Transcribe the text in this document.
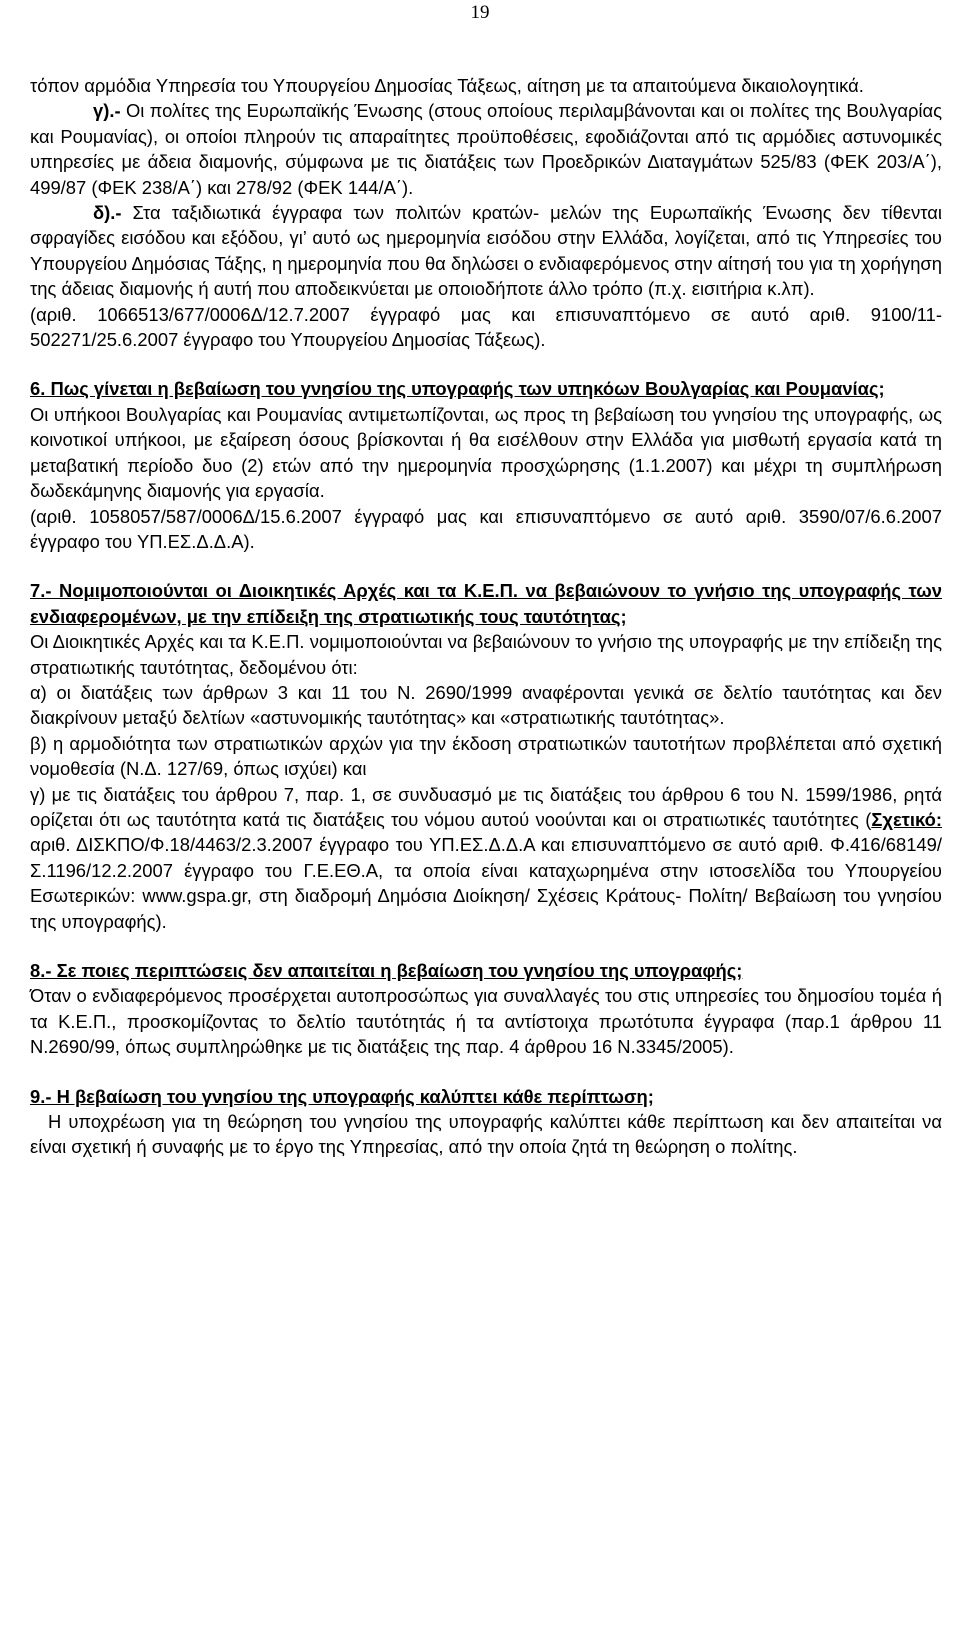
19

τόπον αρμόδια Υπηρεσία του Υπουργείου Δημοσίας Τάξεως, αίτηση με τα απαιτούμενα δικαιολογητικά.

γ).- Οι πολίτες της Ευρωπαϊκής Ένωσης (στους οποίους περιλαμβάνονται και οι πολίτες της Βουλγαρίας και Ρουμανίας), οι οποίοι πληρούν τις απαραίτητες προϋποθέσεις, εφοδιάζονται από τις αρμόδιες αστυνομικές υπηρεσίες με άδεια διαμονής, σύμφωνα με τις διατάξεις των Προεδρικών Διαταγμάτων 525/83 (ΦΕΚ 203/Α΄), 499/87 (ΦΕΚ 238/Α΄) και 278/92 (ΦΕΚ 144/Α΄).

δ).- Στα ταξιδιωτικά έγγραφα των πολιτών κρατών- μελών της Ευρωπαϊκής Ένωσης δεν τίθενται σφραγίδες εισόδου και εξόδου, γι’ αυτό ως ημερομηνία εισόδου στην Ελλάδα, λογίζεται, από τις Υπηρεσίες του Υπουργείου Δημόσιας Τάξης, η ημερομηνία που θα δηλώσει ο ενδιαφερόμενος στην αίτησή του για τη χορήγηση της άδειας διαμονής ή αυτή που αποδεικνύεται με οποιοδήποτε άλλο τρόπο (π.χ. εισιτήρια κ.λπ).

(αριθ. 1066513/677/0006Δ/12.7.2007 έγγραφό μας και επισυναπτόμενο σε αυτό αριθ. 9100/11-502271/25.6.2007 έγγραφο του Υπουργείου Δημοσίας Τάξεως).

6. Πως γίνεται η βεβαίωση του γνησίου της υπογραφής των υπηκόων Βουλγαρίας και Ρουμανίας;

Οι υπήκοοι Βουλγαρίας και Ρουμανίας αντιμετωπίζονται, ως προς τη βεβαίωση του γνησίου της υπογραφής, ως κοινοτικοί υπήκοοι, με εξαίρεση όσους βρίσκονται ή θα εισέλθουν στην Ελλάδα για μισθωτή εργασία κατά τη μεταβατική περίοδο δυο (2) ετών από την ημερομηνία προσχώρησης (1.1.2007) και μέχρι τη συμπλήρωση δωδεκάμηνης διαμονής για εργασία.

(αριθ. 1058057/587/0006Δ/15.6.2007 έγγραφό μας και επισυναπτόμενο σε αυτό αριθ. 3590/07/6.6.2007 έγγραφο του ΥΠ.ΕΣ.Δ.Δ.Α).

7.- Νομιμοποιούνται οι Διοικητικές Αρχές και τα Κ.Ε.Π. να βεβαιώνουν το γνήσιο της υπογραφής των ενδιαφερομένων, με την επίδειξη της στρατιωτικής τους ταυτότητας;

Οι Διοικητικές Αρχές και τα Κ.Ε.Π. νομιμοποιούνται να βεβαιώνουν το γνήσιο της υπογραφής με την επίδειξη της στρατιωτικής ταυτότητας, δεδομένου ότι:

α) οι διατάξεις των άρθρων 3 και 11 του Ν. 2690/1999 αναφέρονται γενικά σε δελτίο ταυτότητας και δεν διακρίνουν μεταξύ δελτίων «αστυνομικής ταυτότητας» και «στρατιωτικής ταυτότητας».

β) η αρμοδιότητα των στρατιωτικών αρχών για την έκδοση στρατιωτικών ταυτοτήτων προβλέπεται από σχετική νομοθεσία (Ν.Δ. 127/69, όπως ισχύει) και

γ) με τις διατάξεις του άρθρου 7, παρ. 1, σε συνδυασμό με τις διατάξεις του άρθρου 6 του Ν. 1599/1986, ρητά ορίζεται ότι ως ταυτότητα κατά τις διατάξεις του νόμου αυτού νοούνται και οι στρατιωτικές ταυτότητες (Σχετικό: αριθ. ΔΙΣΚΠΟ/Φ.18/4463/2.3.2007 έγγραφο του ΥΠ.ΕΣ.Δ.Δ.Α και επισυναπτόμενο σε αυτό αριθ. Φ.416/68149/Σ.1196/12.2.2007 έγγραφο του Γ.Ε.ΕΘ.Α, τα οποία είναι καταχωρημένα στην ιστοσελίδα του Υπουργείου Εσωτερικών: www.gspa.gr, στη διαδρομή Δημόσια Διοίκηση/ Σχέσεις Κράτους- Πολίτη/ Βεβαίωση του γνησίου της υπογραφής).

8.- Σε ποιες περιπτώσεις δεν απαιτείται η βεβαίωση του γνησίου της υπογραφής;

Όταν ο ενδιαφερόμενος προσέρχεται αυτοπροσώπως για συναλλαγές του στις υπηρεσίες του δημοσίου τομέα ή τα Κ.Ε.Π., προσκομίζοντας το δελτίο ταυτότητάς ή τα αντίστοιχα πρωτότυπα έγγραφα (παρ.1 άρθρου 11 Ν.2690/99, όπως συμπληρώθηκε με τις διατάξεις της παρ. 4 άρθρου 16 Ν.3345/2005).

9.- Η βεβαίωση του γνησίου της υπογραφής καλύπτει κάθε περίπτωση;

Η υποχρέωση για τη θεώρηση του γνησίου της υπογραφής καλύπτει κάθε περίπτωση και δεν απαιτείται να είναι σχετική ή συναφής με το έργο της Υπηρεσίας, από την οποία ζητά τη θεώρηση ο πολίτης.
